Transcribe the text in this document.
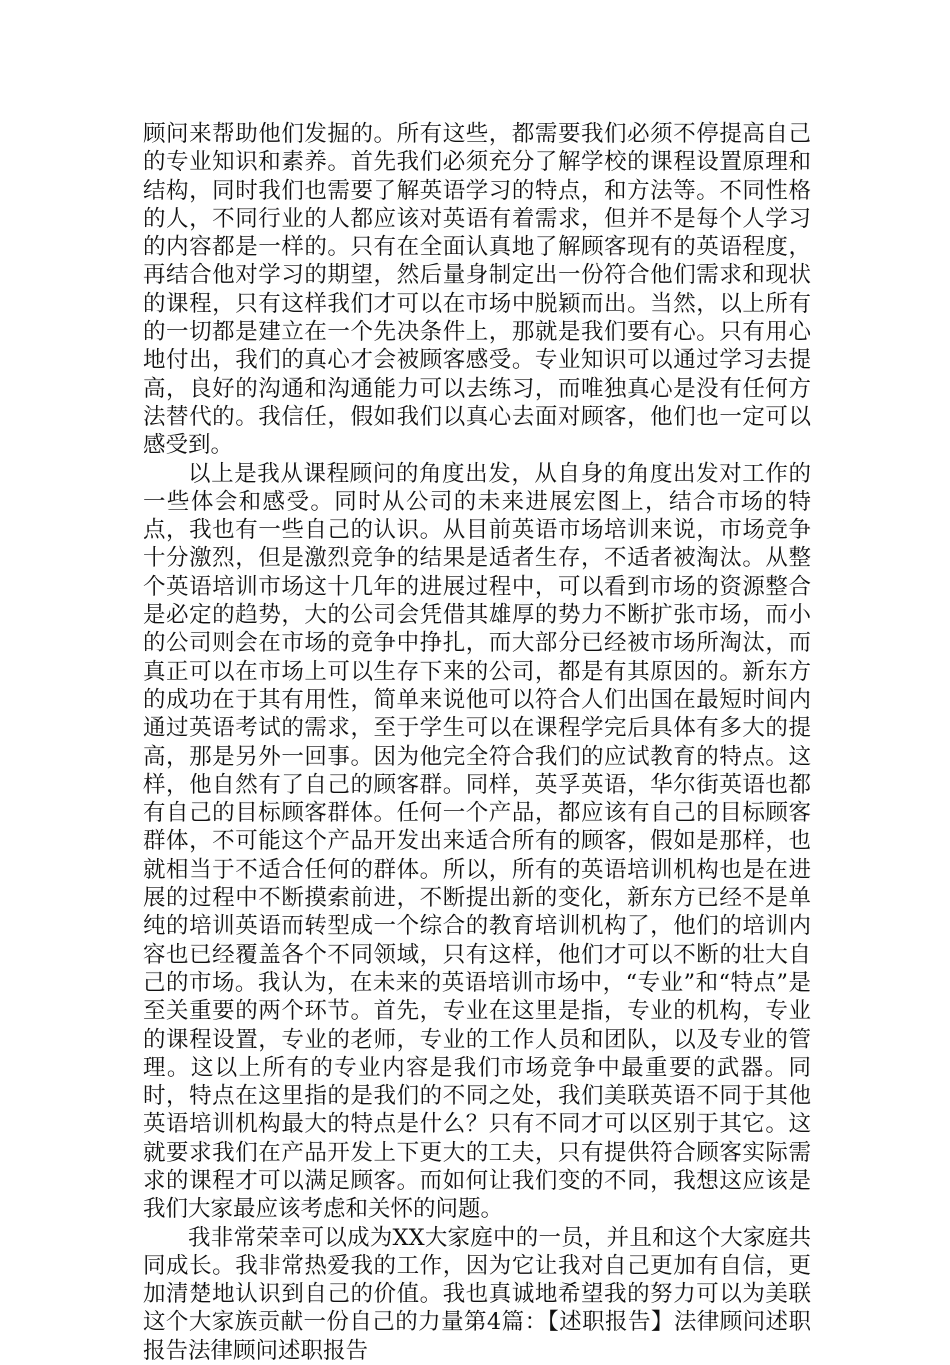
顾问来帮助他们发掘的。所有这些，都需要我们必须不停提高自己的专业知识和素养。首先我们必须充分了解学校的课程设置原理和结构，同时我们也需要了解英语学习的特点，和方法等。不同性格的人，不同行业的人都应该对英语有着需求，但并不是每个人学习的内容都是一样的。只有在全面认真地了解顾客现有的英语程度，再结合他对学习的期望，然后量身制定出一份符合他们需求和现状的课程，只有这样我们才可以在市场中脱颖而出。当然，以上所有的一切都是建立在一个先决条件上，那就是我们要有心。只有用心地付出，我们的真心才会被顾客感受。专业知识可以通过学习去提高，良好的沟通和沟通能力可以去练习，而唯独真心是没有任何方法替代的。我信任，假如我们以真心去面对顾客，他们也一定可以感受到。

以上是我从课程顾问的角度出发，从自身的角度出发对工作的一些体会和感受。同时从公司的未来进展宏图上，结合市场的特点，我也有一些自己的认识。从目前英语市场培训来说，市场竞争十分激烈，但是激烈竞争的结果是适者生存，不适者被淘汰。从整个英语培训市场这十几年的进展过程中，可以看到市场的资源整合是必定的趋势，大的公司会凭借其雄厚的势力不断扩张市场，而小的公司则会在市场的竞争中挣扎，而大部分已经被市场所淘汰，而真正可以在市场上可以生存下来的公司，都是有其原因的。新东方的成功在于其有用性，简单来说他可以符合人们出国在最短时间内通过英语考试的需求，至于学生可以在课程学完后具体有多大的提高，那是另外一回事。因为他完全符合我们的应试教育的特点。这样，他自然有了自己的顾客群。同样，英孚英语，华尔街英语也都有自己的目标顾客群体。任何一个产品，都应该有自己的目标顾客群体，不可能这个产品开发出来适合所有的顾客，假如是那样，也就相当于不适合任何的群体。所以，所有的英语培训机构也是在进展的过程中不断摸索前进，不断提出新的变化，新东方已经不是单纯的培训英语而转型成一个综合的教育培训机构了，他们的培训内容也已经覆盖各个不同领域，只有这样，他们才可以不断的壮大自己的市场。我认为，在未来的英语培训市场中，“专业”和“特点”是至关重要的两个环节。首先，专业在这里是指，专业的机构，专业的课程设置，专业的老师，专业的工作人员和团队，以及专业的管理。这以上所有的专业内容是我们市场竞争中最重要的武器。同时，特点在这里指的是我们的不同之处，我们美联英语不同于其他英语培训机构最大的特点是什么？只有不同才可以区别于其它。这就要求我们在产品开发上下更大的工夫，只有提供符合顾客实际需求的课程才可以满足顾客。而如何让我们变的不同，我想这应该是我们大家最应该考虑和关怀的问题。

我非常荣幸可以成为XX大家庭中的一员，并且和这个大家庭共同成长。我非常热爱我的工作，因为它让我对自己更加有自信，更加清楚地认识到自己的价值。我也真诚地希望我的努力可以为美联这个大家族贡献一份自己的力量第4篇：【述职报告】法律顾问述职报告法律顾问述职报告
